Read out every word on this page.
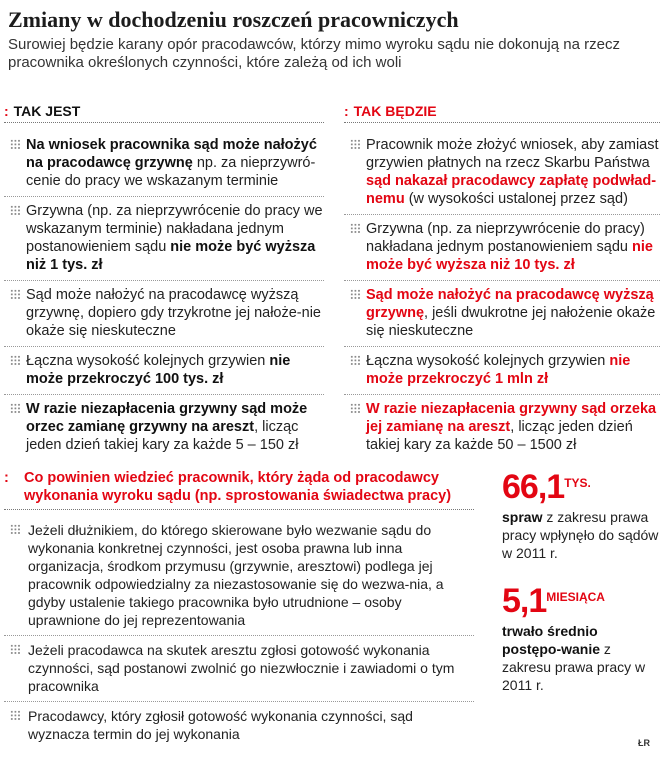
Zmiany w dochodzeniu roszczeń pracowniczych
Surowiej będzie karany opór pracodawców, którzy mimo wyroku sądu nie dokonują na rzecz pracownika określonych czynności, które zależą od ich woli
: TAK JEST
Na wniosek pracownika sąd może nałożyć na pracodawcę grzywnę np. za nieprzywró-cenie do pracy we wskazanym terminie
Grzywna (np. za nieprzywrócenie do pracy we wskazanym terminie) nakładana jednym postanowieniem sądu nie może być wyższa niż 1 tys. zł
Sąd może nałożyć na pracodawcę wyższą grzywnę, dopiero gdy trzykrotne jej nałoże-nie okaże się nieskuteczne
Łączna wysokość kolejnych grzywien nie może przekroczyć 100 tys. zł
W razie niezapłacenia grzywny sąd może orzec zamianę grzywny na areszt, licząc jeden dzień takiej kary za każde 5 – 150 zł
: TAK BĘDZIE
Pracownik może złożyć wniosek, aby zamiast grzywien płatnych na rzecz Skarbu Państwa sąd nakazał pracodawcy zapłatę podwład-nemu (w wysokości ustalonej przez sąd)
Grzywna (np. za nieprzywrócenie do pracy) nakładana jednym postanowieniem sądu nie może być wyższa niż 10 tys. zł
Sąd może nałożyć na pracodawcę wyższą grzywnę, jeśli dwukrotne jej nałożenie okaże się nieskuteczne
Łączna wysokość kolejnych grzywien nie może przekroczyć 1 mln zł
W razie niezapłacenia grzywny sąd orzeka jej zamianę na areszt, licząc jeden dzień takiej kary za każde 50 – 1500 zł
: Co powinien wiedzieć pracownik, który żąda od pracodawcy wykonania wyroku sądu (np. sprostowania świadectwa pracy)
Jeżeli dłużnikiem, do którego skierowane było wezwanie sądu do wykonania konkretnej czynności, jest osoba prawna lub inna organizacja, środkom przymusu (grzywnie, aresztowi) podlega jej pracownik odpowiedzialny za niezastosowanie się do wezwa-nia, a gdyby ustalenie takiego pracownika było utrudnione – osoby uprawnione do jej reprezentowania
Jeżeli pracodawca na skutek aresztu zgłosi gotowość wykonania czynności, sąd postanowi zwolnić go niezwłocznie i zawiadomi o tym pracownika
Pracodawcy, który zgłosił gotowość wykonania czynności, sąd wyznacza termin do jej wykonania
66,1TYS.
spraw z zakresu prawa pracy wpłynęło do sądów w 2011 r.
5,1MIESIĄCA
trwało średnio postępo-wanie z zakresu prawa pracy w 2011 r.
ŁR
